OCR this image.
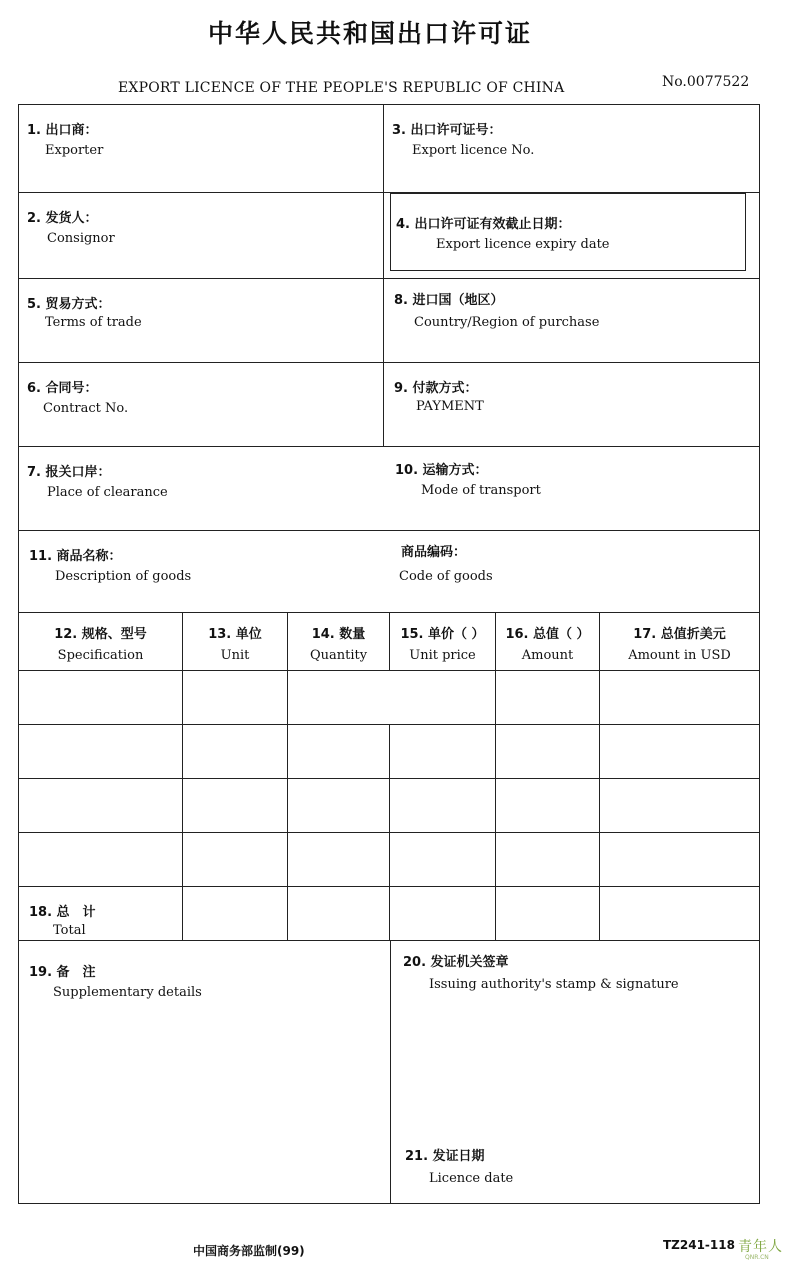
中华人民共和国出口许可证
EXPORT LICENCE OF THE PEOPLE'S REPUBLIC OF CHINA	No.0077522
1. 出口商：
Exporter
3. 出口许可证号：
Export licence No.
2. 发货人：
Consignor
4. 出口许可证有效截止日期：
Export licence expiry date
5. 贸易方式：
Terms of trade
8. 进口国（地区）
Country/Region of purchase
6. 合同号：
Contract No.
9. 付款方式：
PAYMENT
7. 报关口岸：
Place of clearance
10. 运输方式：
Mode of transport
11. 商品名称：
Description of goods
商品编码：
Code of goods
12. 规格、型号
Specification
13. 单位
Unit
14. 数量
Quantity
15. 单价（ ）
Unit price
16. 总值（ ）
Amount
17. 总值折美元
Amount in USD
18. 总　计
Total
19. 备　注
Supplementary details
20. 发证机关签章
Issuing authority's stamp & signature
21. 发证日期
Licence date
中国商务部监制(99)	TZ241-118 青年人
QNR.CN
